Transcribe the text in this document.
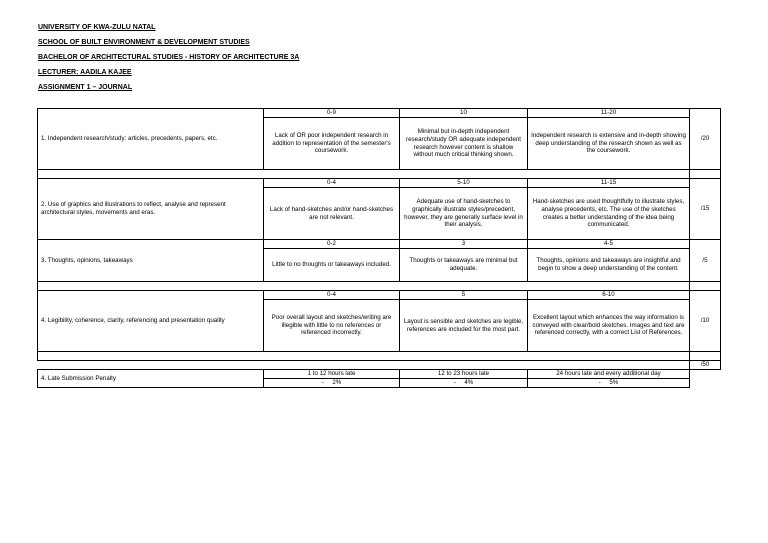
UNIVERSITY OF KWA-ZULU NATAL
SCHOOL OF BUILT ENVIRONMENT & DEVELOPMENT STUDIES
BACHELOR OF ARCHITECTURAL STUDIES - HISTORY OF ARCHITECTURE 3A
LECTURER: AADILA KAJEE
ASSIGNMENT 1 – JOURNAL
1. Independent research/study: articles, precedents, papers, etc.	0-9	10	11-20	/20
	Lack of OR poor independent research in addition to representation of the semester's coursework.	Minimal but in-depth independent research/study OR adequate independent research however content is shallow without much critical thinking shown.	Independent research is extensive and in-depth showing deep understanding of the research shown as well as the coursework.	

2. Use of graphics and illustrations to reflect, analyse and represent architectural styles, movements and eras.	0-4	5-10	11-15	/15
	Lack of hand-sketches and/or hand-sketches are not relevant.	Adequate use of hand-sketches to graphically illustrate styles/precedent, however, they are generally surface level in their analysis.	Hand-sketches are used thoughtfully to illustrate styles, analyse precedents, etc. The use of the sketches creates a better understanding of the idea being communicated.	
3. Thoughts, opinions, takeaways	0-2	3	4-5	/5
	Little to no thoughts or takeaways included.	Thoughts or takeaways are minimal but adequate.	Thoughts, opinions and takeaways are insightful and begin to show a deep understanding of the content.	

4. Legibility, coherence, clarity, referencing and presentation quality	0-4	5	6-10	/10
	Poor overall layout and sketches/writing are illegible with little to no references or referenced incorrectly.	Layout is sensible and sketches are legible, references are included for the most part.	Excellent layout which enhances the way information is conveyed with clear/bold sketches. Images and text are referenced correctly, with a correct List of References.	

				/50
4. Late Submission Penalty	1 to 12 hours late	12 to 23 hours late	24 hours late and every additional day	
	-     2%	-     4%	-     5%	
